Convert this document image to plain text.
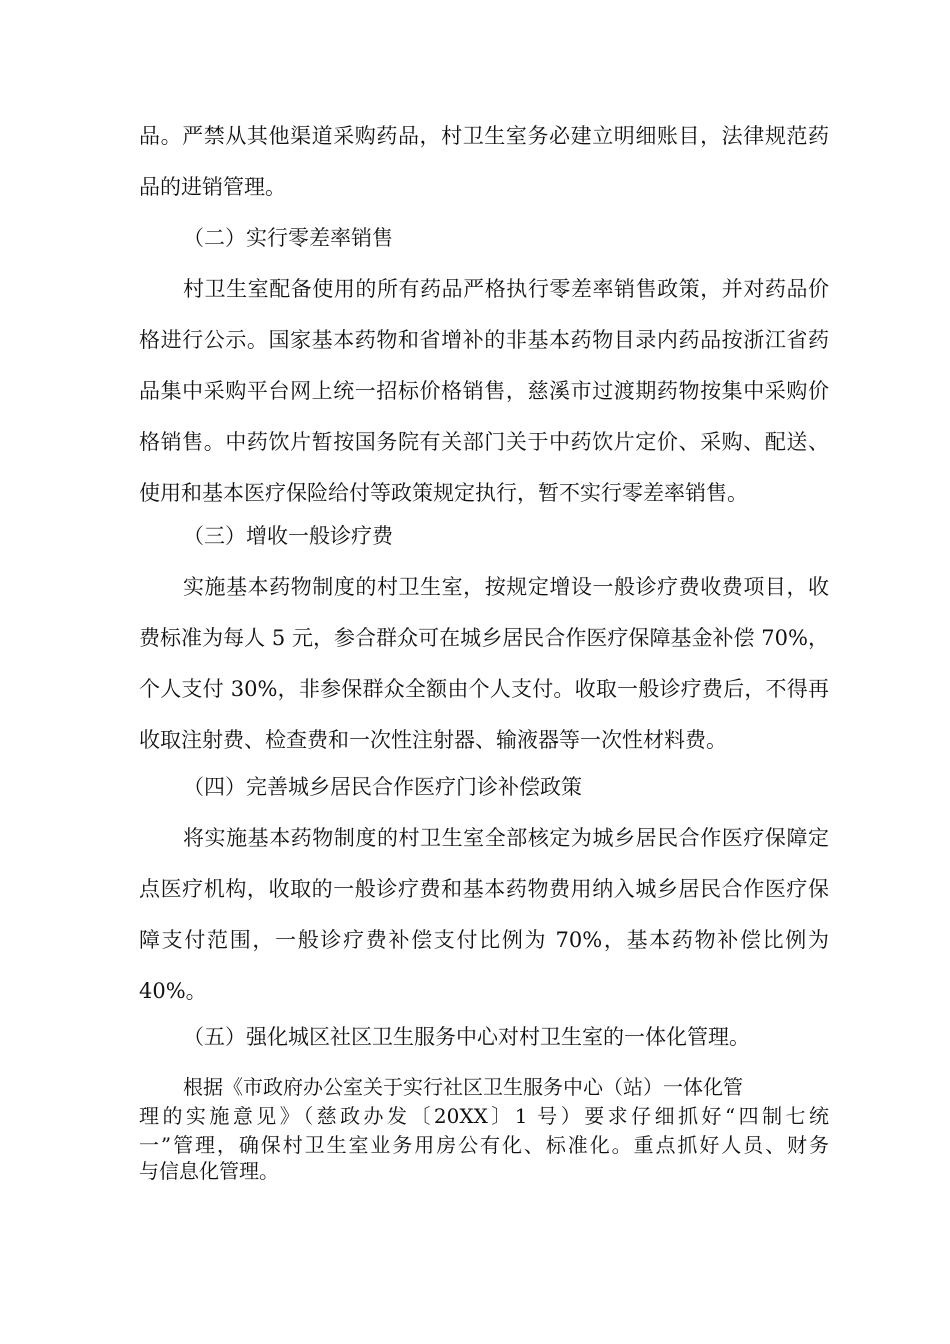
品。严禁从其他渠道采购药品，村卫生室务必建立明细账目，法律规范药
品的进销管理。
（二）实行零差率销售
村卫生室配备使用的所有药品严格执行零差率销售政策，并对药品价
格进行公示。国家基本药物和省增补的非基本药物目录内药品按浙江省药
品集中采购平台网上统一招标价格销售，慈溪市过渡期药物按集中采购价
格销售。中药饮片暂按国务院有关部门关于中药饮片定价、采购、配送、
使用和基本医疗保险给付等政策规定执行，暂不实行零差率销售。
（三）增收一般诊疗费
实施基本药物制度的村卫生室，按规定增设一般诊疗费收费项目，收
费标准为每人 5 元，参合群众可在城乡居民合作医疗保障基金补偿 70%，
个人支付 30%，非参保群众全额由个人支付。收取一般诊疗费后，不得再
收取注射费、检查费和一次性注射器、输液器等一次性材料费。
（四）完善城乡居民合作医疗门诊补偿政策
将实施基本药物制度的村卫生室全部核定为城乡居民合作医疗保障定
点医疗机构，收取的一般诊疗费和基本药物费用纳入城乡居民合作医疗保
障支付范围，一般诊疗费补偿支付比例为 70%，基本药物补偿比例为
40%。
（五）强化城区社区卫生服务中心对村卫生室的一体化管理。
根据《市政府办公室关于实行社区卫生服务中心（站）一体化管
理的实施意见》（慈政办发〔20XX〕1 号）要求仔细抓好“四制七统
一”管理，确保村卫生室业务用房公有化、标准化。重点抓好人员、财务
与信息化管理。
